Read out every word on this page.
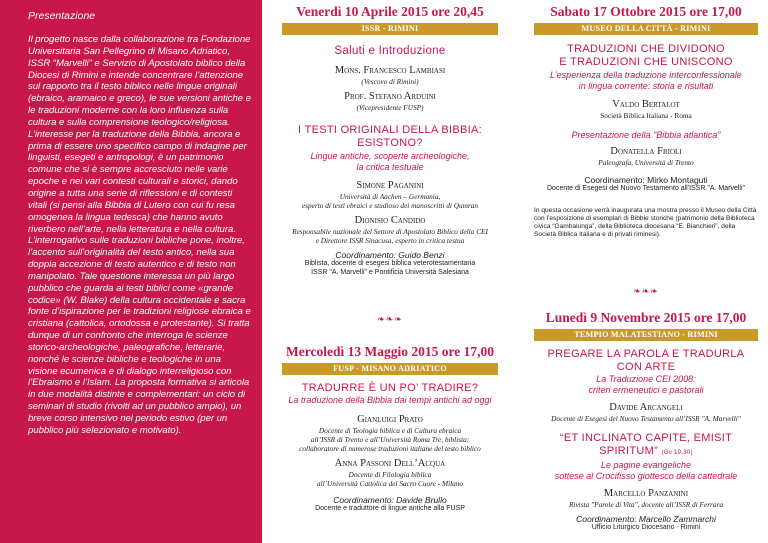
Presentazione

Il progetto nasce dalla collaborazione tra Fondazione Universitaria San Pellegrino di Misano Adriatico, ISSR “Marvelli” e Servizio di Apostolato biblico della Diocesi di Rimini e intende concentrare l’attenzione sul rapporto tra il testo biblico nelle lingue originali (ebraico, aramaico e greco), le sue versioni antiche e le traduzioni moderne con la loro influenza sulla cultura e sulla comprensione teologico/religiosa. L’interesse per la traduzione della Bibbia, ancora e prima di essere uno specifico campo di indagine per linguisti, esegeti e antropologi, è un patrimonio comune che si è sempre accresciuto nelle varie epoche e nei vari contesti culturali e storici, dando origine a tutta una serie di riflessioni e di contesti vitali (si pensi alla Bibbia di Lutero con cui fu resa omogenea la lingua tedesca) che hanno avuto riverbero nell’arte, nella letteratura e nella cultura. L’interrogativo sulle traduzioni bibliche pone, inoltre, l’accento sull’originalità del testo antico, nella sua doppia accezione di testo autentico e di testo non manipolato. Tale questione interessa un più largo pubblico che guarda ai testi biblici come «grande codice» (W. Blake) della cultura occidentale e sacra fonte d’ispirazione per le tradizioni religiose ebraica e cristiana (cattolica, ortodossa e protestante). Si tratta dunque di un confronto che interroga le scienze storico-archeologiche, paleografiche, letterarie, nonché le scienze bibliche e teologiche in una visione ecumenica e di dialogo interreligioso con l’Ebraismo e l’Islam. La proposta formativa si articola in due modalità distinte e complementari: un ciclo di seminari di studio (rivolti ad un pubblico ampio), un breve corso intensivo nel periodo estivo (per un pubblico più selezionato e motivato).

Venerdì 10 Aprile 2015 ore 20,45
ISSR - RIMINI
Saluti e Introduzione
Mons. Francesco Lambiasi
(Vescovo di Rimini)
Prof. Stefano Arduini
(Vicepresidente FUSP)
I TESTI ORIGINALI DELLA BIBBIA: ESISTONO?
Lingue antiche, scoperte archeologiche,
la critica testuale
Simone Paganini
Università di Aachen – Germania,
esperto di testi ebraici e studioso dei manoscritti di Qumran
Dionisio Candido
Responsabile nazionale del Settore di Apostolato Biblico della CEI
e Direttore ISSR Sinacusa, esperto in critica testua
Coordinamento: Guido Benzi
Biblista, docente di esegesi biblica veterotestamentaria
ISSR "A. Marvelli" e Pontificia Università Salesiana
❧❧❧
Mercoledì 13 Maggio 2015 ore 17,00
FUSP - MISANO ADRIATICO
TRADURRE È UN PO’ TRADIRE?
La traduzione della Bibbia dai tempi antichi ad oggi
Gianluigi Prato
Docente di Teologia biblica e di Cultura ebraica
all’ISSR di Trento e all’Università Roma Tre, biblista;
collaboratore di numerose traduzioni italiane del testo biblico
Anna Passoni Dell’Acqua
Docente di Filologia biblica
all’Università Cattolica del Sacro Cuore - Milano
Coordinamento: Davide Brullo
Docente e traduttore di lingue antiche alla FUSP
Sabato 17 Ottobre 2015 ore 17,00
MUSEO DELLA CITTÀ - RIMINI
TRADUZIONI CHE DIVIDONO
E TRADUZIONI CHE UNISCONO
L’esperienza della traduzione interconfessionale
in lingua corrente: storia e risultati
Valdo Bertalot
Società Biblica Italiana - Roma
Presentazione della "Bibbia atlantica"
Donatella Frioli
Paleografa, Università di Trento
Coordinamento: Mirko Montaguti
Docente di Esegesi del Nuovo Testamento all'ISSR "A. Marvelli"
In questa occasione verrà inaugurata una mostra presso il Museo della Città con l’esposizione di esemplari di Bibbie storiche (patrimonio della Biblioteca civica “Gambalunga”, della Biblioteca diocesana “E. Bianchieri”, della Società Biblica Italiana e di privati riminesi).
❧❧❧
Lunedì 9 Novembre 2015 ore 17,00
TEMPIO MALATESTIANO - RIMINI
PREGARE LA PAROLA E TRADURLA CON ARTE
La Traduzione CEI 2008:
criteri ermeneutici e pastorali
Davide Arcangeli
Docente di Esegesi del Nuovo Testamento all’ISSR "A. Marvelli"
“ET INCLINATO CAPITE, EMISIT SPIRITUM” (Gv 19,30)
Le pagine evangeliche
sottese al Crocifisso giottesco della cattedrale
Marcello Panzanini
Rivista "Parole di Vita", docente all’ISSR di Ferrara
Coordinamento: Marcello Zammarchi
Ufficio Liturgico Diocesano - Rimini
